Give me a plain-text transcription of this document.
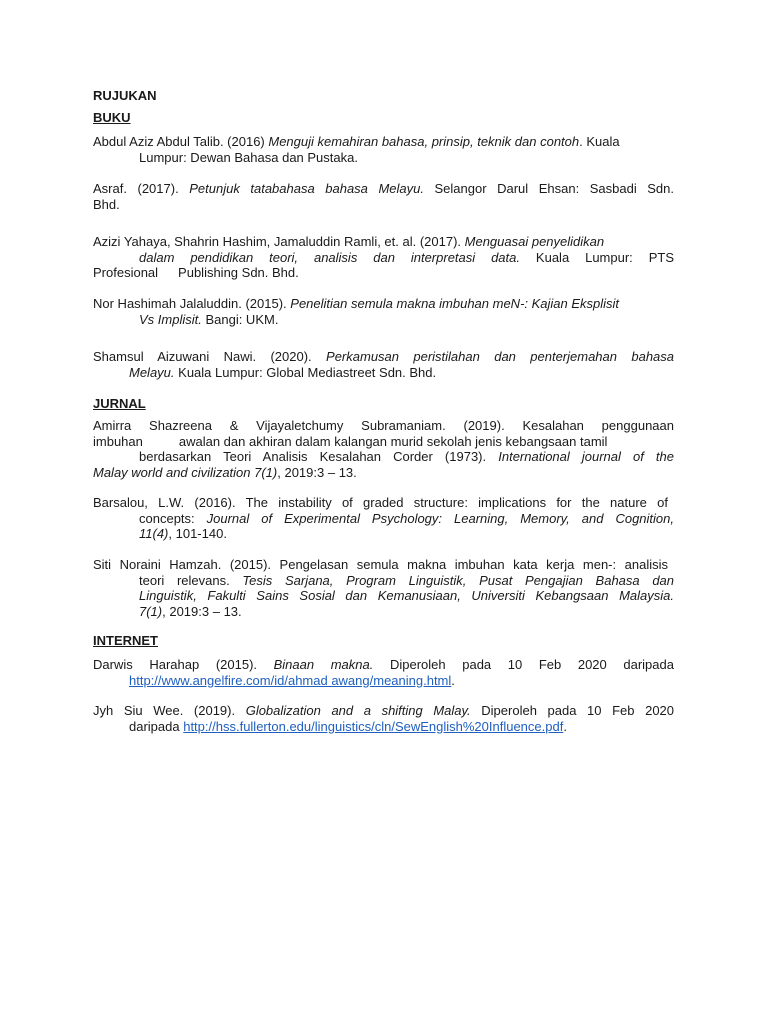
RUJUKAN
BUKU
Abdul Aziz Abdul Talib. (2016) Menguji kemahiran bahasa, prinsip, teknik dan contoh. Kuala
Lumpur: Dewan Bahasa dan Pustaka.
Asraf. (2017). Petunjuk tatabahasa bahasa Melayu. Selangor Darul Ehsan: Sasbadi Sdn.
Bhd.
Azizi Yahaya, Shahrin Hashim, Jamaluddin Ramli, et. al. (2017). Menguasai penyelidikan
dalam pendidikan teori, analisis dan interpretasi data. Kuala Lumpur: PTS
Profesional Publishing Sdn. Bhd.
Nor Hashimah Jalaluddin. (2015). Penelitian semula makna imbuhan meN-: Kajian Eksplisit
Vs Implisit. Bangi: UKM.
Shamsul Aizuwani Nawi. (2020). Perkamusan peristilahan dan penterjemahan bahasa
Melayu. Kuala Lumpur: Global Mediastreet Sdn. Bhd.
JURNAL
Amirra Shazreena & Vijayaletchumy Subramaniam. (2019). Kesalahan penggunaan
imbuhan	awalan dan akhiran dalam kalangan murid sekolah jenis kebangsaan tamil
berdasarkan Teori Analisis Kesalahan Corder (1973). International journal of the
Malay world and civilization 7(1), 2019:3 – 13.
Barsalou, L.W. (2016). The instability of graded structure: implications for the nature of
concepts: Journal of Experimental Psychology: Learning, Memory, and Cognition,
11(4), 101-140.
Siti Noraini Hamzah. (2015). Pengelasan semula makna imbuhan kata kerja men-: analisis
teori relevans. Tesis Sarjana, Program Linguistik, Pusat Pengajian Bahasa dan
Linguistik, Fakulti Sains Sosial dan Kemanusiaan, Universiti Kebangsaan Malaysia.
7(1), 2019:3 – 13.
INTERNET
Darwis Harahap (2015). Binaan makna. Diperoleh pada 10 Feb 2020 daripada
http://www.angelfire.com/id/ahmad awang/meaning.html.
Jyh Siu Wee. (2019). Globalization and a shifting Malay. Diperoleh pada 10 Feb 2020
daripada http://hss.fullerton.edu/linguistics/cln/SewEnglish%20Influence.pdf.
